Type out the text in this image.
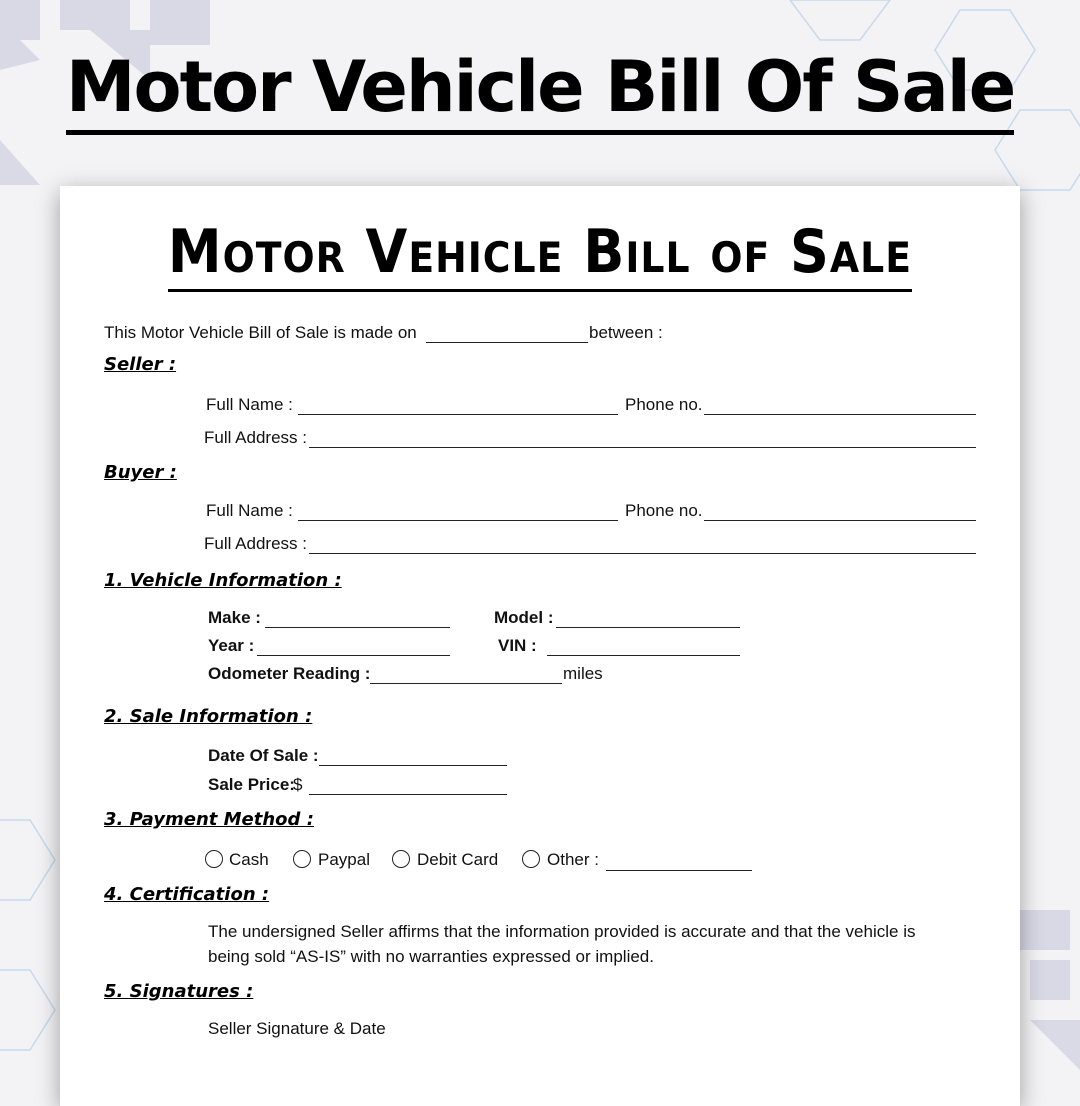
Motor Vehicle Bill Of Sale
Motor Vehicle Bill of Sale
This Motor Vehicle Bill of Sale is made on	between :
Seller :
Full Name :	Phone no.
Full Address :
Buyer :
Full Name :	Phone no.
Full Address :
1. Vehicle Information :
Make :	Model :
Year :	VIN :
Odometer Reading :	miles
2. Sale Information :
Date Of Sale :
Sale Price:
$
3. Payment Method :
Cash	Paypal	Debit Card	Other :
4. Certification :
The undersigned Seller affirms that the information provided is accurate and that the vehicle is
being sold “AS-IS” with no warranties expressed or implied.
5. Signatures :
Seller Signature & Date
